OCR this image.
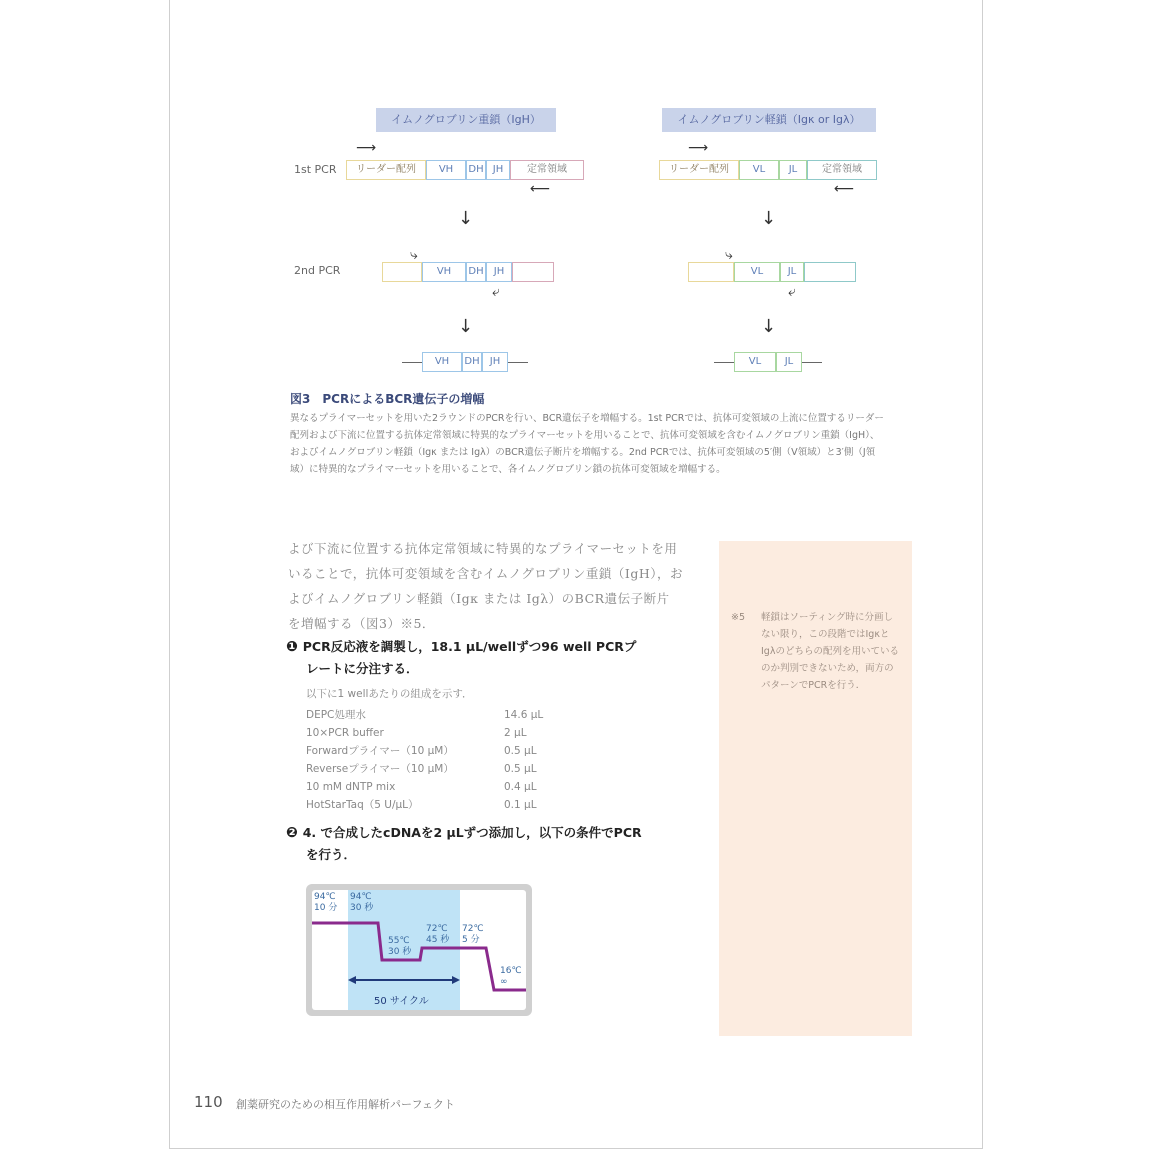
イムノグロブリン重鎖（IgH）	イムノグロブリン軽鎖（Igκ or Igλ）
1st PCR
2nd PCR
⟶
リーダー配列	VH	DH JH	定常領域
⟵
⟶
リーダー配列	VL	JL	定常領域
⟵
↓	↓
⤷
VH	DH	JH
⤶
⤷
VL	JL
⤶
↓	↓
VH	DH	JH	VL	JL
図3　PCRによるBCR遺伝子の増幅
異なるプライマーセットを用いた2ラウンドのPCRを行い、BCR遺伝子を増幅する。1st PCRでは、抗体可変領域の上流に位置するリーダー配列および下流に位置する抗体定常領域に特異的なプライマーセットを用いることで、抗体可変領域を含むイムノグロブリン重鎖（IgH）、およびイムノグロブリン軽鎖（Igκ または Igλ）のBCR遺伝子断片を増幅する。2nd PCRでは、抗体可変領域の5′側（V領域）と3′側（J領域）に特異的なプライマーセットを用いることで、各イムノグロブリン鎖の抗体可変領域を増幅する。
よび下流に位置する抗体定常領域に特異的なプライマーセットを用
いることで，抗体可変領域を含むイムノグロブリン重鎖（IgH），お
よびイムノグロブリン軽鎖（Igκ または Igλ）のBCR遺伝子断片
を増幅する（図3）※5．
❶ PCR反応液を調製し，18.1 μL/wellずつ96 well PCRプ
レートに分注する．
以下に1 wellあたりの組成を示す．
DEPC処理水	14.6 μL
10×PCR buffer	2 μL
Forwardプライマー（10 μM）	0.5 μL
Reverseプライマー（10 μM）	0.5 μL
10 mM dNTP mix	0.4 μL
HotStarTaq（5 U/μL）	0.1 μL
❷ 4. で合成したcDNAを2 μLずつ添加し，以下の条件でPCR
を行う．
94℃
10 分
94℃
30 秒
55℃
30 秒
72℃
45 秒
72℃
5 分
16℃
∞
50 サイクル
※5 軽鎖はソーティング時に分画しない限り，この段階ではIgκとIgλのどちらの配列を用いているのか判別できないため，両方のパターンでPCRを行う．
110 創薬研究のための相互作用解析パーフェクト
